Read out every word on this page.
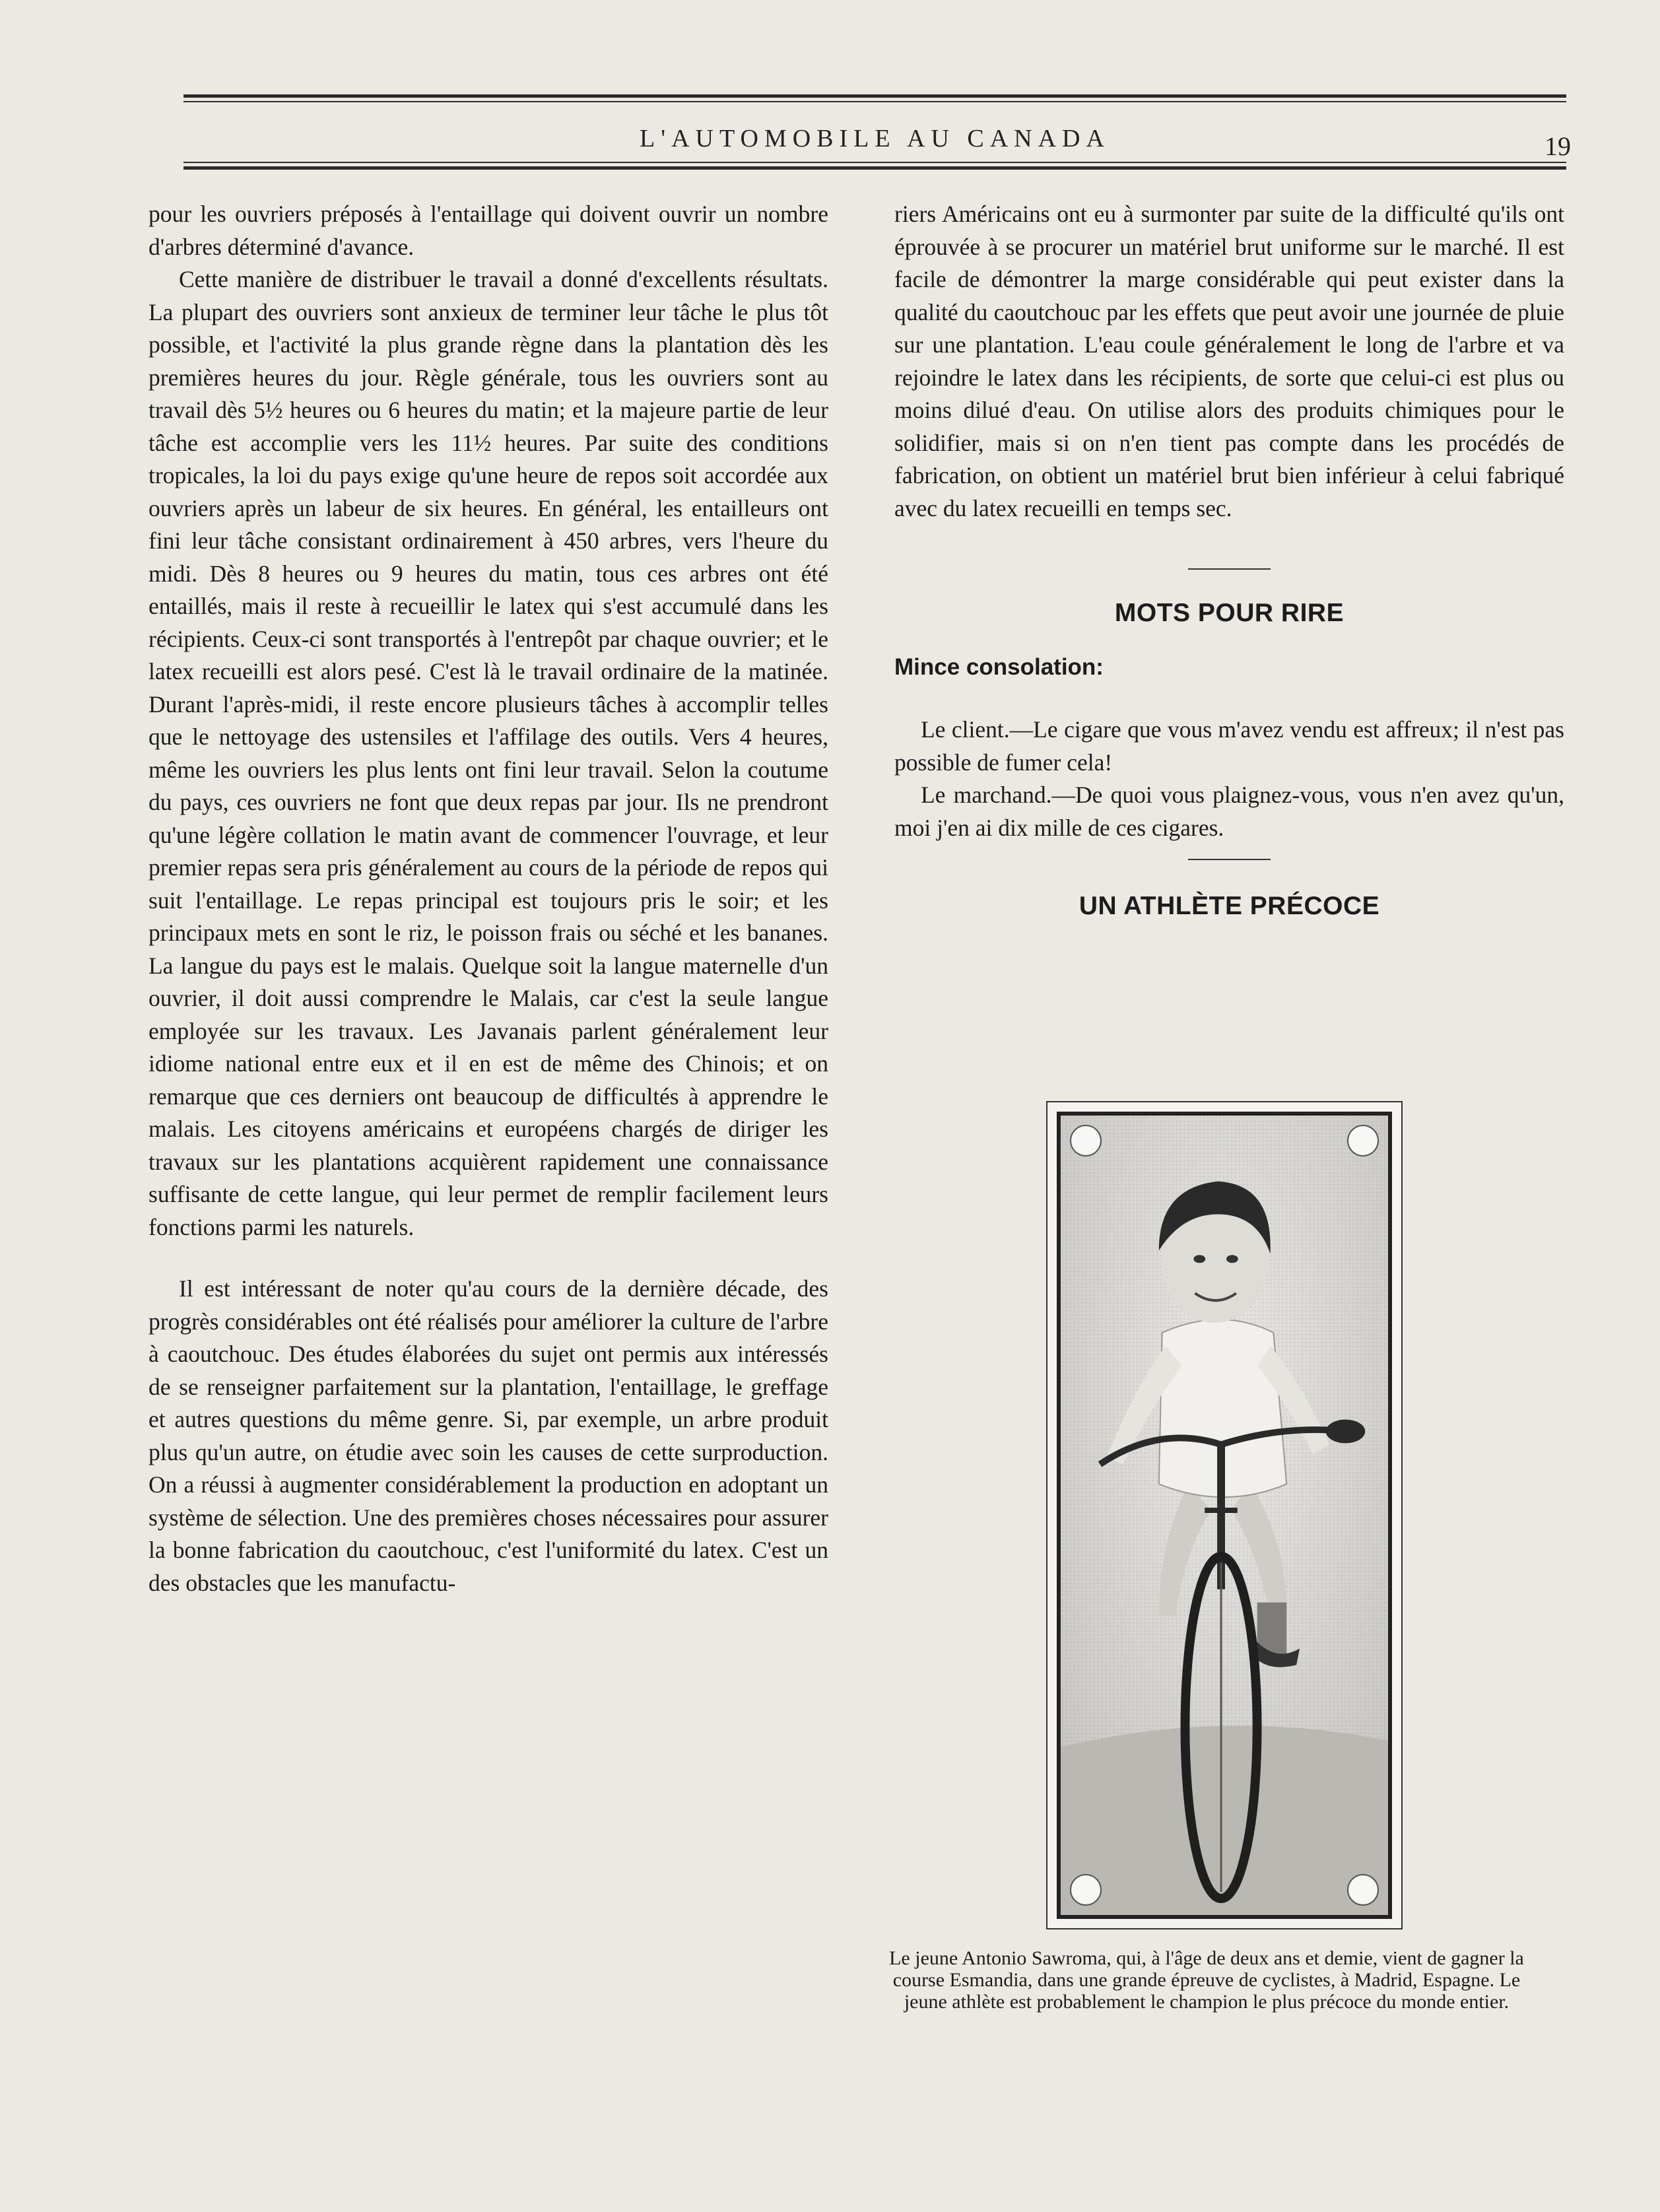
L'AUTOMOBILE AU CANADA	19

pour les ouvriers préposés à l'entaillage qui doivent ouvrir un nombre d'arbres déterminé d'avance.

Cette manière de distribuer le travail a donné d'excellents résultats. La plupart des ouvriers sont anxieux de terminer leur tâche le plus tôt possible, et l'activité la plus grande règne dans la plantation dès les premières heures du jour. Règle générale, tous les ouvriers sont au travail dès 5½ heures ou 6 heures du matin; et la majeure partie de leur tâche est accomplie vers les 11½ heures. Par suite des conditions tropicales, la loi du pays exige qu'une heure de repos soit accordée aux ouvriers après un labeur de six heures. En général, les entailleurs ont fini leur tâche consistant ordinairement à 450 arbres, vers l'heure du midi. Dès 8 heures ou 9 heures du matin, tous ces arbres ont été entaillés, mais il reste à recueillir le latex qui s'est accumulé dans les récipients. Ceux-ci sont transportés à l'entrepôt par chaque ouvrier; et le latex recueilli est alors pesé. C'est là le travail ordinaire de la matinée. Durant l'après-midi, il reste encore plusieurs tâches à accomplir telles que le nettoyage des ustensiles et l'affilage des outils. Vers 4 heures, même les ouvriers les plus lents ont fini leur travail. Selon la coutume du pays, ces ouvriers ne font que deux repas par jour. Ils ne prendront qu'une légère collation le matin avant de commencer l'ouvrage, et leur premier repas sera pris généralement au cours de la période de repos qui suit l'entaillage. Le repas principal est toujours pris le soir; et les principaux mets en sont le riz, le poisson frais ou séché et les bananes. La langue du pays est le malais. Quelque soit la langue maternelle d'un ouvrier, il doit aussi comprendre le Malais, car c'est la seule langue employée sur les travaux. Les Javanais parlent généralement leur idiome national entre eux et il en est de même des Chinois; et on remarque que ces derniers ont beaucoup de difficultés à apprendre le malais. Les citoyens américains et européens chargés de diriger les travaux sur les plantations acquièrent rapidement une connaissance suffisante de cette langue, qui leur permet de remplir facilement leurs fonctions parmi les naturels.

Il est intéressant de noter qu'au cours de la dernière décade, des progrès considérables ont été réalisés pour améliorer la culture de l'arbre à caoutchouc. Des études élaborées du sujet ont permis aux intéressés de se renseigner parfaitement sur la plantation, l'entaillage, le greffage et autres questions du même genre. Si, par exemple, un arbre produit plus qu'un autre, on étudie avec soin les causes de cette surproduction. On a réussi à augmenter considérablement la production en adoptant un système de sélection. Une des premières choses nécessaires pour assurer la bonne fabrication du caoutchouc, c'est l'uniformité du latex. C'est un des obstacles que les manufactu-

riers Américains ont eu à surmonter par suite de la difficulté qu'ils ont éprouvée à se procurer un matériel brut uniforme sur le marché. Il est facile de démontrer la marge considérable qui peut exister dans la qualité du caoutchouc par les effets que peut avoir une journée de pluie sur une plantation. L'eau coule généralement le long de l'arbre et va rejoindre le latex dans les récipients, de sorte que celui-ci est plus ou moins dilué d'eau. On utilise alors des produits chimiques pour le solidifier, mais si on n'en tient pas compte dans les procédés de fabrication, on obtient un matériel brut bien inférieur à celui fabriqué avec du latex recueilli en temps sec.

MOTS POUR RIRE
Mince consolation:

Le client.—Le cigare que vous m'avez vendu est affreux; il n'est pas possible de fumer cela!

Le marchand.—De quoi vous plaignez-vous, vous n'en avez qu'un, moi j'en ai dix mille de ces cigares.

UN ATHLÈTE PRÉCOCE

Le jeune Antonio Sawroma, qui, à l'âge de deux ans et demie, vient de gagner la course Esmandia, dans une grande épreuve de cyclistes, à Madrid, Espagne. Le jeune athlète est probablement le champion le plus précoce du monde entier.
